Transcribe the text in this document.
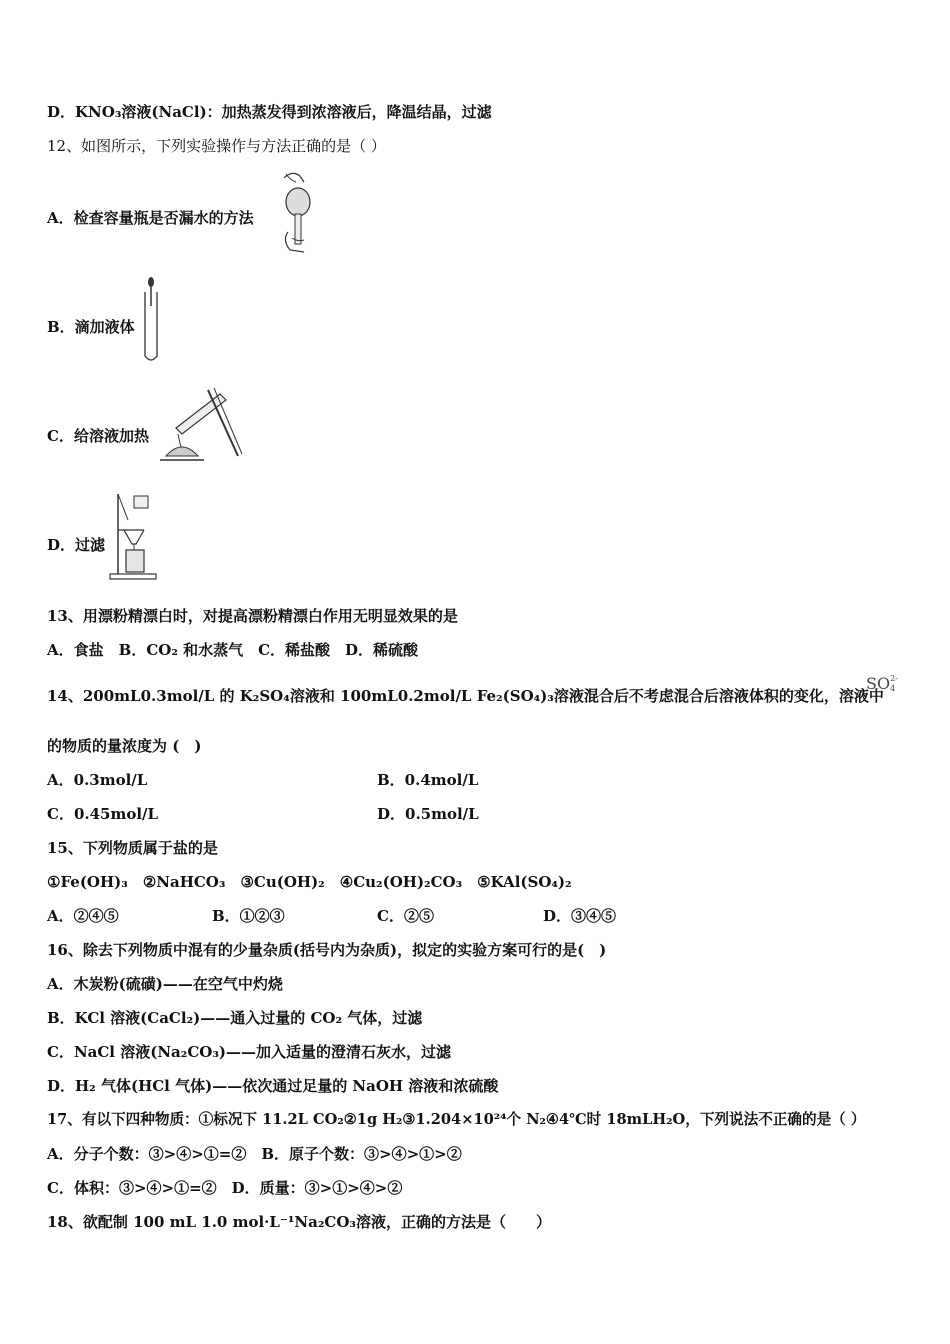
D．KNO₃溶液(NaCl)：加热蒸发得到浓溶液后，降温结晶，过滤
12、如图所示，下列实验操作与方法正确的是（ ）
A．检查容量瓶是否漏水的方法
B．滴加液体
C．给溶液加热
D．过滤
13、用漂粉精漂白时，对提高漂粉精漂白作用无明显效果的是
A．食盐　B．CO₂ 和水蒸气　C．稀盐酸　D．稀硫酸
14、200mL0.3mol/L 的 K₂SO₄溶液和 100mL0.2mol/L Fe₂(SO₄)₃溶液混合后不考虑混合后溶液体积的变化，溶液中
SO 2-
4
的物质的量浓度为 (　)
A．0.3mol/L	B．0.4mol/L
C．0.45mol/L	D．0.5mol/L
15、下列物质属于盐的是
①Fe(OH)₃　②NaHCO₃　③Cu(OH)₂　④Cu₂(OH)₂CO₃　⑤KAl(SO₄)₂
A．②④⑤	B．①②③	C．②⑤	D．③④⑤
16、除去下列物质中混有的少量杂质(括号内为杂质)，拟定的实验方案可行的是(　)
A．木炭粉(硫磺)——在空气中灼烧
B．KCl 溶液(CaCl₂)——通入过量的 CO₂ 气体，过滤
C．NaCl 溶液(Na₂CO₃)——加入适量的澄清石灰水，过滤
D．H₂ 气体(HCl 气体)——依次通过足量的 NaOH 溶液和浓硫酸
17、有以下四种物质：①标况下 11.2L CO₂②1g H₂③1.204×10²⁴个 N₂④4℃时 18mLH₂O，下列说法不正确的是（ ）
A．分子个数：③>④>①=②　B．原子个数：③>④>①>②
C．体积：③>④>①=②　D．质量：③>①>④>②
18、欲配制 100 mL 1.0 mol·L⁻¹Na₂CO₃溶液，正确的方法是（　　）
